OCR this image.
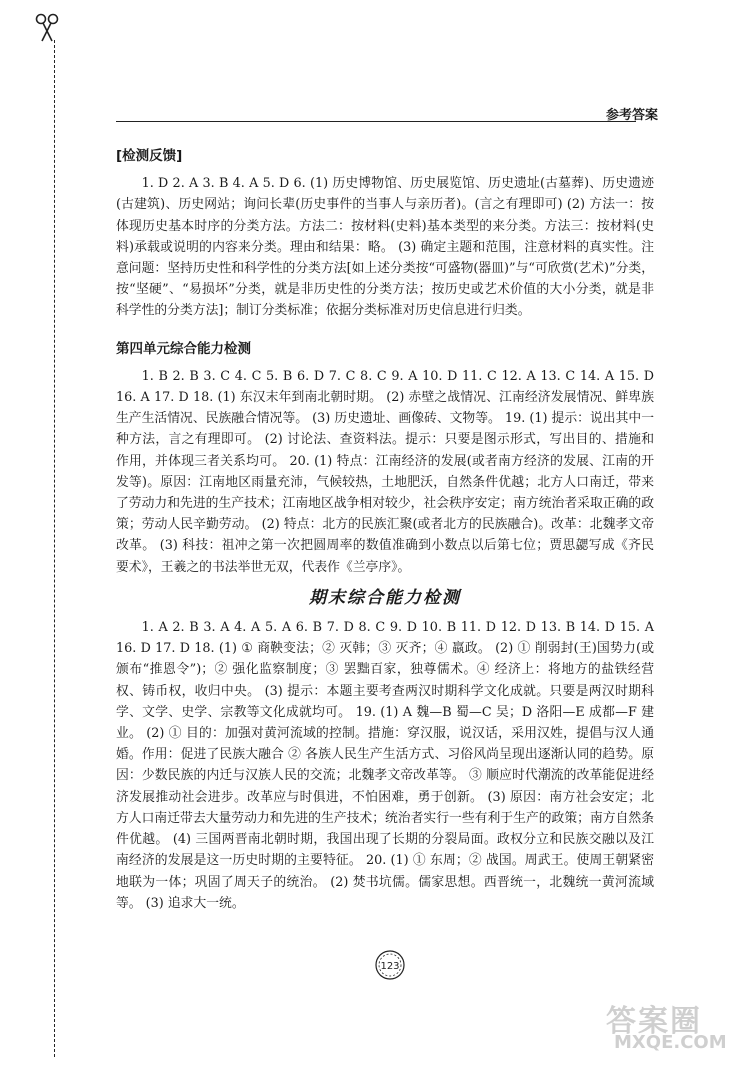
参考答案
[检测反馈]

1. D 2. A 3. B 4. A 5. D 6. (1) 历史博物馆、历史展览馆、历史遗址(古墓葬)、历史遗迹(古建筑)、历史网站；询问长辈(历史事件的当事人与亲历者)。(言之有理即可) (2) 方法一：按体现历史基本时序的分类方法。方法二：按材料(史料)基本类型的来分类。方法三：按材料(史料)承载或说明的内容来分类。理由和结果：略。 (3) 确定主题和范围，注意材料的真实性。注意问题：坚持历史性和科学性的分类方法[如上述分类按“可盛物(器皿)”与“可欣赏(艺术)”分类，按“坚硬”、“易损坏”分类，就是非历史性的分类方法；按历史或艺术价值的大小分类，就是非科学性的分类方法]；制订分类标准；依据分类标准对历史信息进行归类。

第四单元综合能力检测

1. B 2. B 3. C 4. C 5. B 6. D 7. C 8. C 9. A 10. D 11. C 12. A 13. C 14. A 15. D 16. A 17. D 18. (1) 东汉末年到南北朝时期。 (2) 赤壁之战情况、江南经济发展情况、鲜卑族生产生活情况、民族融合情况等。 (3) 历史遗址、画像砖、文物等。 19. (1) 提示：说出其中一种方法，言之有理即可。 (2) 讨论法、查资料法。提示：只要是图示形式，写出目的、措施和作用，并体现三者关系均可。 20. (1) 特点：江南经济的发展(或者南方经济的发展、江南的开发等)。原因：江南地区雨量充沛，气候较热，土地肥沃，自然条件优越；北方人口南迁，带来了劳动力和先进的生产技术；江南地区战争相对较少，社会秩序安定；南方统治者采取正确的政策；劳动人民辛勤劳动。 (2) 特点：北方的民族汇聚(或者北方的民族融合)。改革：北魏孝文帝改革。 (3) 科技：祖冲之第一次把圆周率的数值准确到小数点以后第七位；贾思勰写成《齐民要术》，王羲之的书法举世无双，代表作《兰亭序》。

期末综合能力检测

1. A 2. B 3. A 4. A 5. A 6. B 7. D 8. C 9. D 10. B 11. D 12. D 13. B 14. D 15. A 16. D 17. D 18. (1) ① 商鞅变法；② 灭韩；③ 灭齐；④ 嬴政。 (2) ① 削弱封(王)国势力(或颁布“推恩令”)；② 强化监察制度；③ 罢黜百家，独尊儒术。④ 经济上：将地方的盐铁经营权、铸币权，收归中央。 (3) 提示：本题主要考查两汉时期科学文化成就。只要是两汉时期科学、文学、史学、宗教等文化成就均可。 19. (1) A 魏—B 蜀—C 吴；D 洛阳—E 成都—F 建业。 (2) ① 目的：加强对黄河流域的控制。措施：穿汉服，说汉话，采用汉姓，提倡与汉人通婚。作用：促进了民族大融合 ② 各族人民生产生活方式、习俗风尚呈现出逐渐认同的趋势。原因：少数民族的内迁与汉族人民的交流；北魏孝文帝改革等。 ③ 顺应时代潮流的改革能促进经济发展推动社会进步。改革应与时俱进，不怕困难，勇于创新。 (3) 原因：南方社会安定；北方人口南迁带去大量劳动力和先进的生产技术；统治者实行一些有利于生产的政策；南方自然条件优越。 (4) 三国两晋南北朝时期，我国出现了长期的分裂局面。政权分立和民族交融以及江南经济的发展是这一历史时期的主要特征。 20. (1) ① 东周；② 战国。周武王。使周王朝紧密地联为一体；巩固了周天子的统治。 (2) 焚书坑儒。儒家思想。西晋统一，北魏统一黄河流域等。 (3) 追求大一统。

123
答案圈
MXQE.COM
